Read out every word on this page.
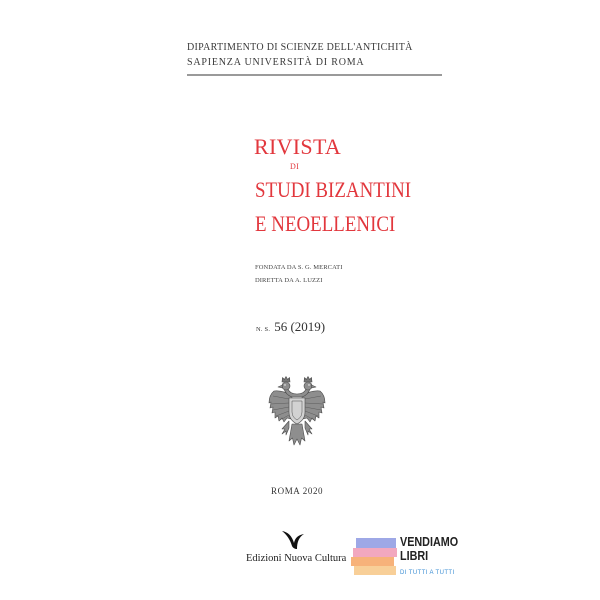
DIPARTIMENTO DI SCIENZE DELL'ANTICHITÀ
SAPIENZA UNIVERSITÀ DI ROMA
RIVISTA
DI
STUDI BIZANTINI
E NEOELLENICI
FONDATA DA S. G. MERCATI
DIRETTA DA A. LUZZI
N. S. 56 (2019)
ROMA 2020
Edizioni Nuova Cultura
VENDIAMO
LIBRI
DI TUTTI A TUTTI
